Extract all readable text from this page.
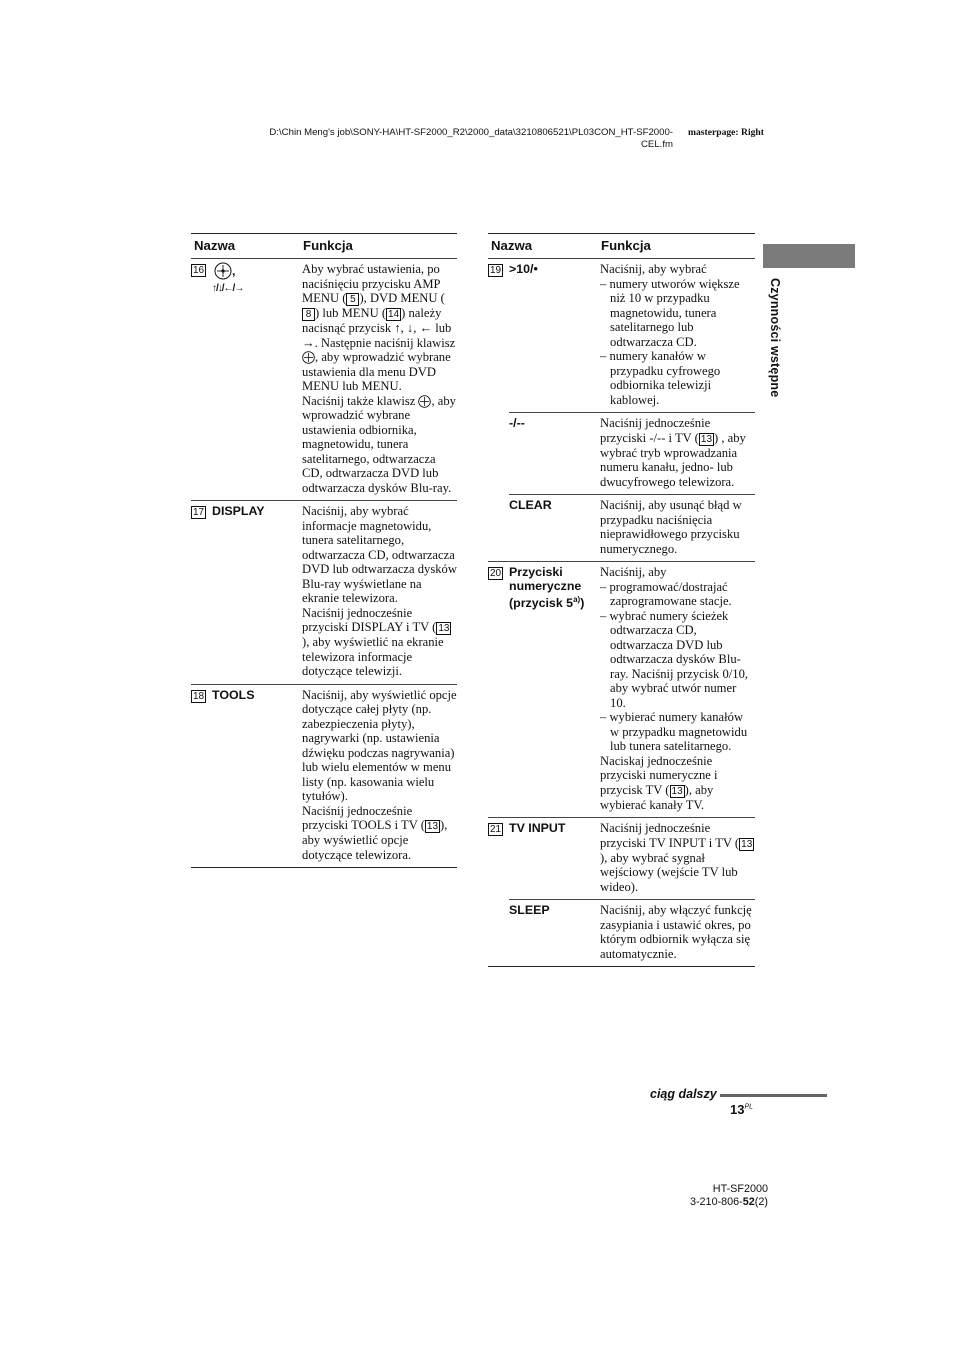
D:\Chin Meng's job\SONY-HA\HT-SF2000_R2\2000_data\3210806521\PL03CON_HT-SF2000-
CEL.fm
masterpage: Right
Czynności wstępne
Nazwa		Funkcja
16	,
↑/↓/←/→	Aby wybrać ustawienia, po naciśnięciu przycisku AMP MENU ( 5 ), DVD MENU (8 ) lub MENU ( 14 ) należy nacisnąć przycisk ↑, ↓, ← lub →. Następnie naciśnij klawisz , aby wprowadzić wybrane ustawienia dla menu DVD MENU lub MENU.
Naciśnij także klawisz , aby wprowadzić wybrane ustawienia odbiornika, magnetowidu, tunera satelitarnego, odtwarzacza CD, odtwarzacza DVD lub odtwarzacza dysków Blu-ray.

17	DISPLAY	Naciśnij, aby wybrać informacje magnetowidu, tunera satelitarnego, odtwarzacza CD, odtwarzacza DVD lub odtwarzacza dysków Blu-ray wyświetlane na ekranie telewizora.
Naciśnij jednocześnie przyciski DISPLAY i TV ( 13), aby wyświetlić na ekranie telewizora informacje dotyczące telewizji.

18	TOOLS	Naciśnij, aby wyświetlić opcje dotyczące całej płyty (np. zabezpieczenia płyty), nagrywarki (np. ustawienia dźwięku podczas nagrywania) lub wielu elementów w menu listy (np. kasowania wielu tytułów).
Naciśnij jednocześnie przyciski TOOLS i TV ( 13 ), aby wyświetlić opcje dotyczące telewizora.
Nazwa		Funkcja
19	>10/•	Naciśnij, aby wybrać
– numery utworów większe niż 10 w przypadku magnetowidu, tunera satelitarnego lub odtwarzacza CD.
– numery kanałów w przypadku cyfrowego odbiornika telewizji kablowej.

	-/--	Naciśnij jednocześnie przyciski -/-- i TV ( 13 ) , aby wybrać tryb wprowadzania numeru kanału, jedno- lub dwucyfrowego telewizora.
	CLEAR	Naciśnij, aby usunąć błąd w przypadku naciśnięcia nieprawidłowego przycisku numerycznego.
20	Przyciski numeryczne (przycisk 5$^{a)}$)	Naciśnij, aby
– programować/dostrajać zaprogramowane stacje.
– wybrać numery ścieżek odtwarzacza CD, odtwarzacza DVD lub odtwarzacza dysków Blu-ray. Naciśnij przycisk 0/10, aby wybrać utwór numer 10.
– wybierać numery kanałów w przypadku magnetowidu lub tunera satelitarnego.
Naciskaj jednocześnie przyciski numeryczne i przycisk TV ( 13 ), aby wybierać kanały TV.

21	TV INPUT	Naciśnij jednocześnie przyciski TV INPUT i TV ( 13), aby wybrać sygnał wejściowy (wejście TV lub wideo).
	SLEEP	Naciśnij, aby włączyć funkcję zasypiania i ustawić okres, po którym odbiornik wyłącza się automatycznie.
ciąg dalszy
$13^{PL}$
HT-SF2000
3-210-806-52(2)
